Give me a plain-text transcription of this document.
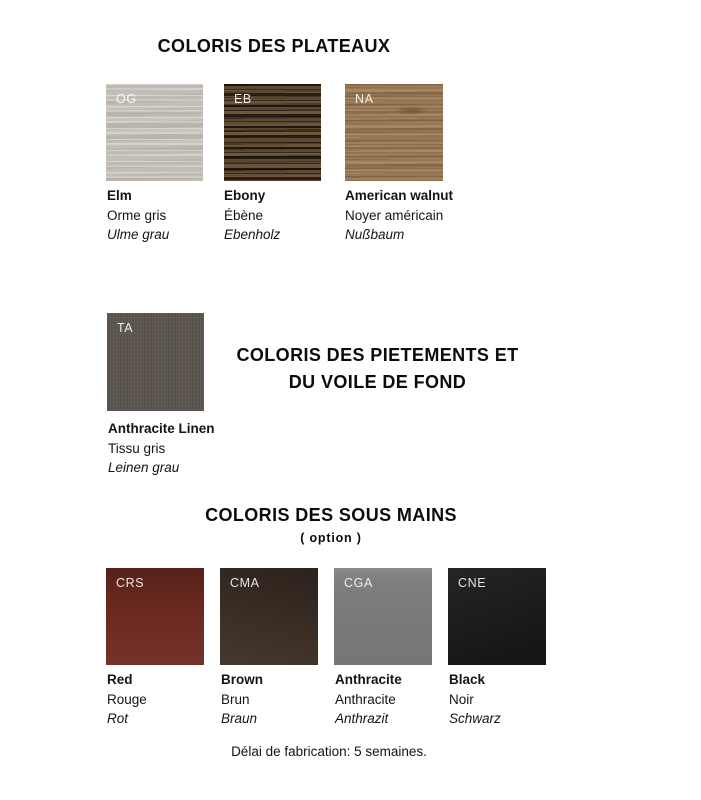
COLORIS DES PLATEAUX
OG	EB	NA
Elm
Orme gris
Ulme grau
Ebony
Ébène
Ebenholz
American walnut
Noyer américain
Nußbaum
TA
COLORIS DES PIETEMENTS ET
DU VOILE DE FOND
Anthracite Linen
Tissu gris
Leinen grau
COLORIS DES SOUS MAINS
( option )
CRS	CMA	CGA	CNE
Red
Rouge
Rot
Brown
Brun
Braun
Anthracite
Anthracite
Anthrazit
Black
Noir
Schwarz
Délai de fabrication: 5 semaines.
